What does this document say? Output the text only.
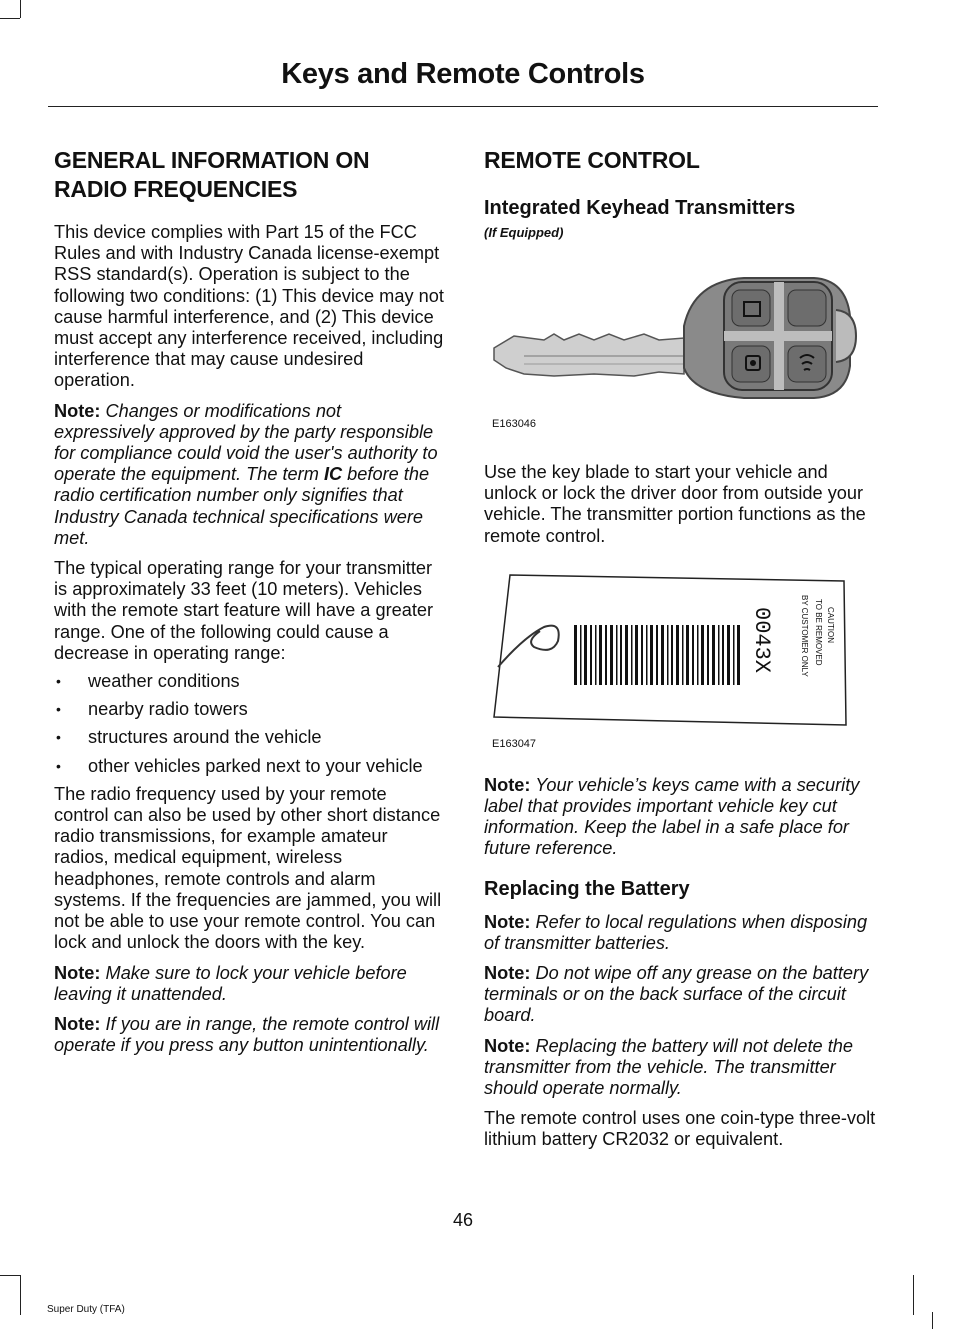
Keys and Remote Controls
GENERAL INFORMATION ON RADIO FREQUENCIES

This device complies with Part 15 of the FCC Rules and with Industry Canada license-exempt RSS standard(s). Operation is subject to the following two conditions: (1) This device may not cause harmful interference, and (2) This device must accept any interference received, including interference that may cause undesired operation.

Note: Changes or modifications not expressively approved by the party responsible for compliance could void the user's authority to operate the equipment. The term IC before the radio certification number only signifies that Industry Canada technical specifications were met.

The typical operating range for your transmitter is approximately 33 feet (10 meters). Vehicles with the remote start feature will have a greater range. One of the following could cause a decrease in operating range:

• weather conditions
• nearby radio towers
• structures around the vehicle
• other vehicles parked next to your vehicle

The radio frequency used by your remote control can also be used by other short distance radio transmissions, for example amateur radios, medical equipment, wireless headphones, remote controls and alarm systems. If the frequencies are jammed, you will not be able to use your remote control. You can lock and unlock the doors with the key.

Note: Make sure to lock your vehicle before leaving it unattended.

Note: If you are in range, the remote control will operate if you press any button unintentionally.

REMOTE CONTROL
Integrated Keyhead Transmitters
(If Equipped)
E163046

Use the key blade to start your vehicle and unlock or lock the driver door from outside your vehicle. The transmitter portion functions as the remote control.

0043X	CAUTION
TO BE REMOVED
BY CUSTOMER ONLY
E163047

Note: Your vehicle’s keys came with a security label that provides important vehicle key cut information. Keep the label in a safe place for future reference.

Replacing the Battery

Note: Refer to local regulations when disposing of transmitter batteries.

Note: Do not wipe off any grease on the battery terminals or on the back surface of the circuit board.

Note: Replacing the battery will not delete the transmitter from the vehicle. The transmitter should operate normally.

The remote control uses one coin-type three-volt lithium battery CR2032 or equivalent.

46
Super Duty (TFA)
